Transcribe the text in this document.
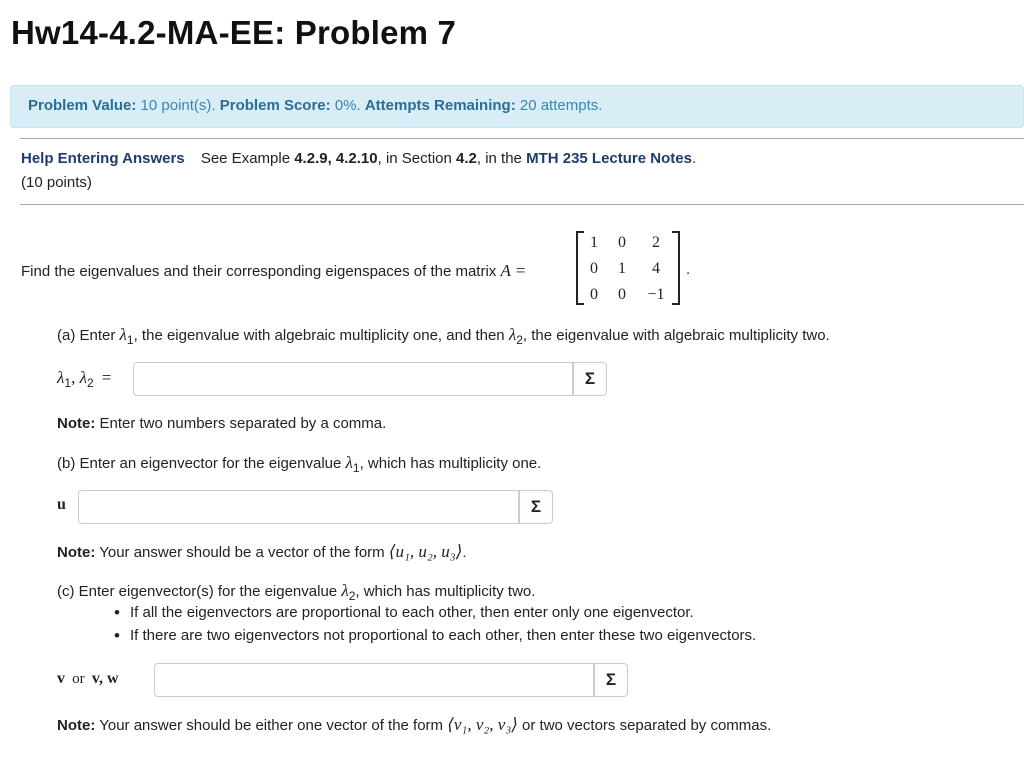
Hw14-4.2-MA-EE: Problem 7
Problem Value: 10 point(s). Problem Score: 0%. Attempts Remaining: 20 attempts.
Help Entering Answers See Example 4.2.9, 4.2.10, in Section 4.2, in the MTH 235 Lecture Notes.
(10 points)
Find the eigenvalues and their corresponding eigenspaces of the matrix A =
1	0	2
0	1	4
0	0	−1
.
(a) Enter $\lambda_1$, the eigenvalue with algebraic multiplicity one, and then $\lambda_2$, the eigenvalue with algebraic multiplicity two.
$\lambda_1$, $\lambda_2$ =	Σ
Note: Enter two numbers separated by a comma.
(b) Enter an eigenvector for the eigenvalue $\lambda_1$, which has multiplicity one.
u	Σ
Note: Your answer should be a vector of the form ⟨u₁, u₂, u₃⟩.
(c) Enter eigenvector(s) for the eigenvalue $\lambda_2$, which has multiplicity two.
• If all the eigenvectors are proportional to each other, then enter only one eigenvector.
• If there are two eigenvectors not proportional to each other, then enter these two eigenvectors.
v or v, w	Σ
Note: Your answer should be either one vector of the form ⟨v₁, v₂, v₃⟩ or two vectors separated by commas.
